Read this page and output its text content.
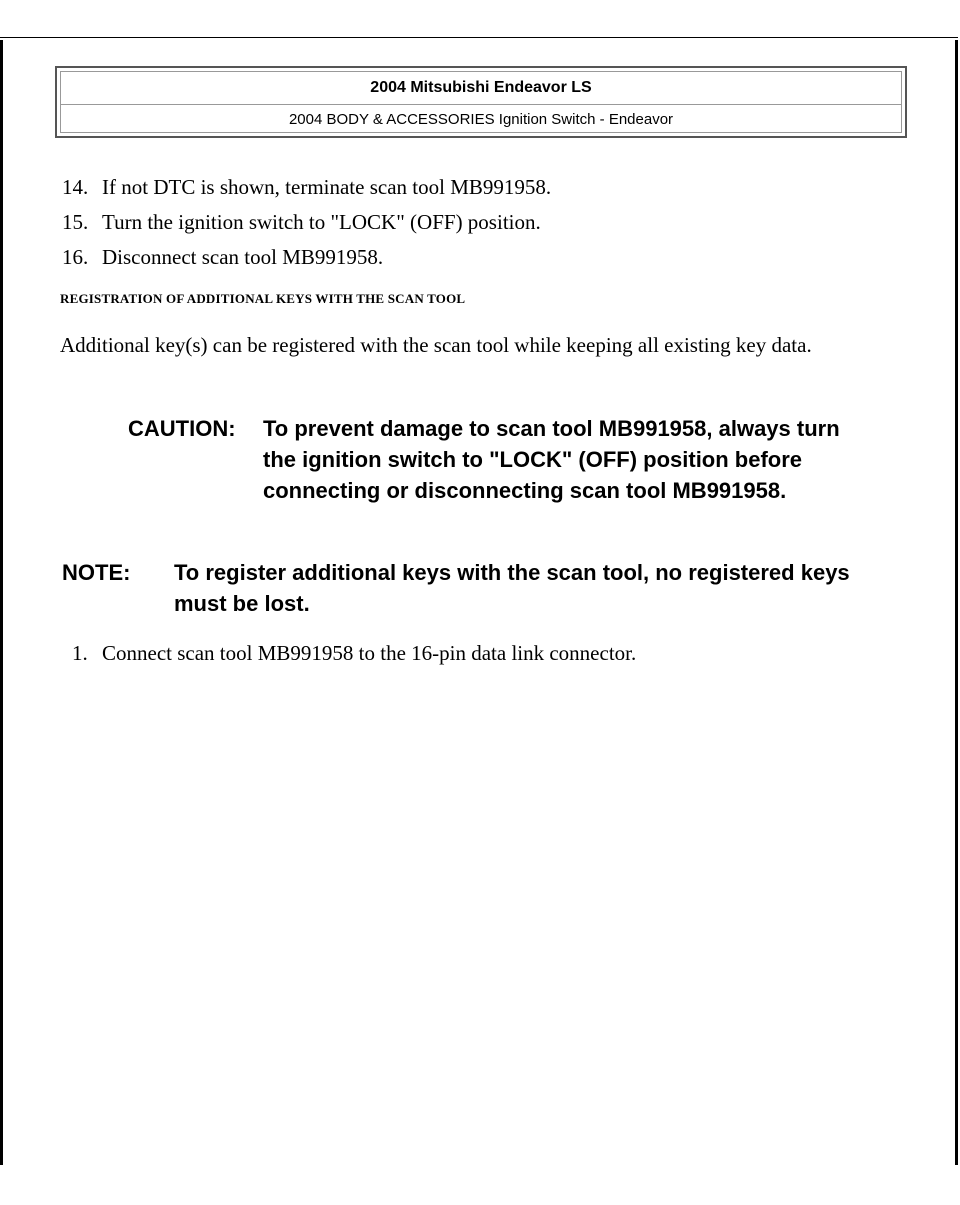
2004 Mitsubishi Endeavor LS
2004 BODY & ACCESSORIES Ignition Switch - Endeavor
14. If not DTC is shown, terminate scan tool MB991958.
15. Turn the ignition switch to "LOCK" (OFF) position.
16. Disconnect scan tool MB991958.
REGISTRATION OF ADDITIONAL KEYS WITH THE SCAN TOOL
Additional key(s) can be registered with the scan tool while keeping all existing key data.
CAUTION:	To prevent damage to scan tool MB991958, always turn the ignition switch to "LOCK" (OFF) position before connecting or disconnecting scan tool MB991958.
NOTE:	To register additional keys with the scan tool, no registered keys must be lost.
1. Connect scan tool MB991958 to the 16-pin data link connector.
